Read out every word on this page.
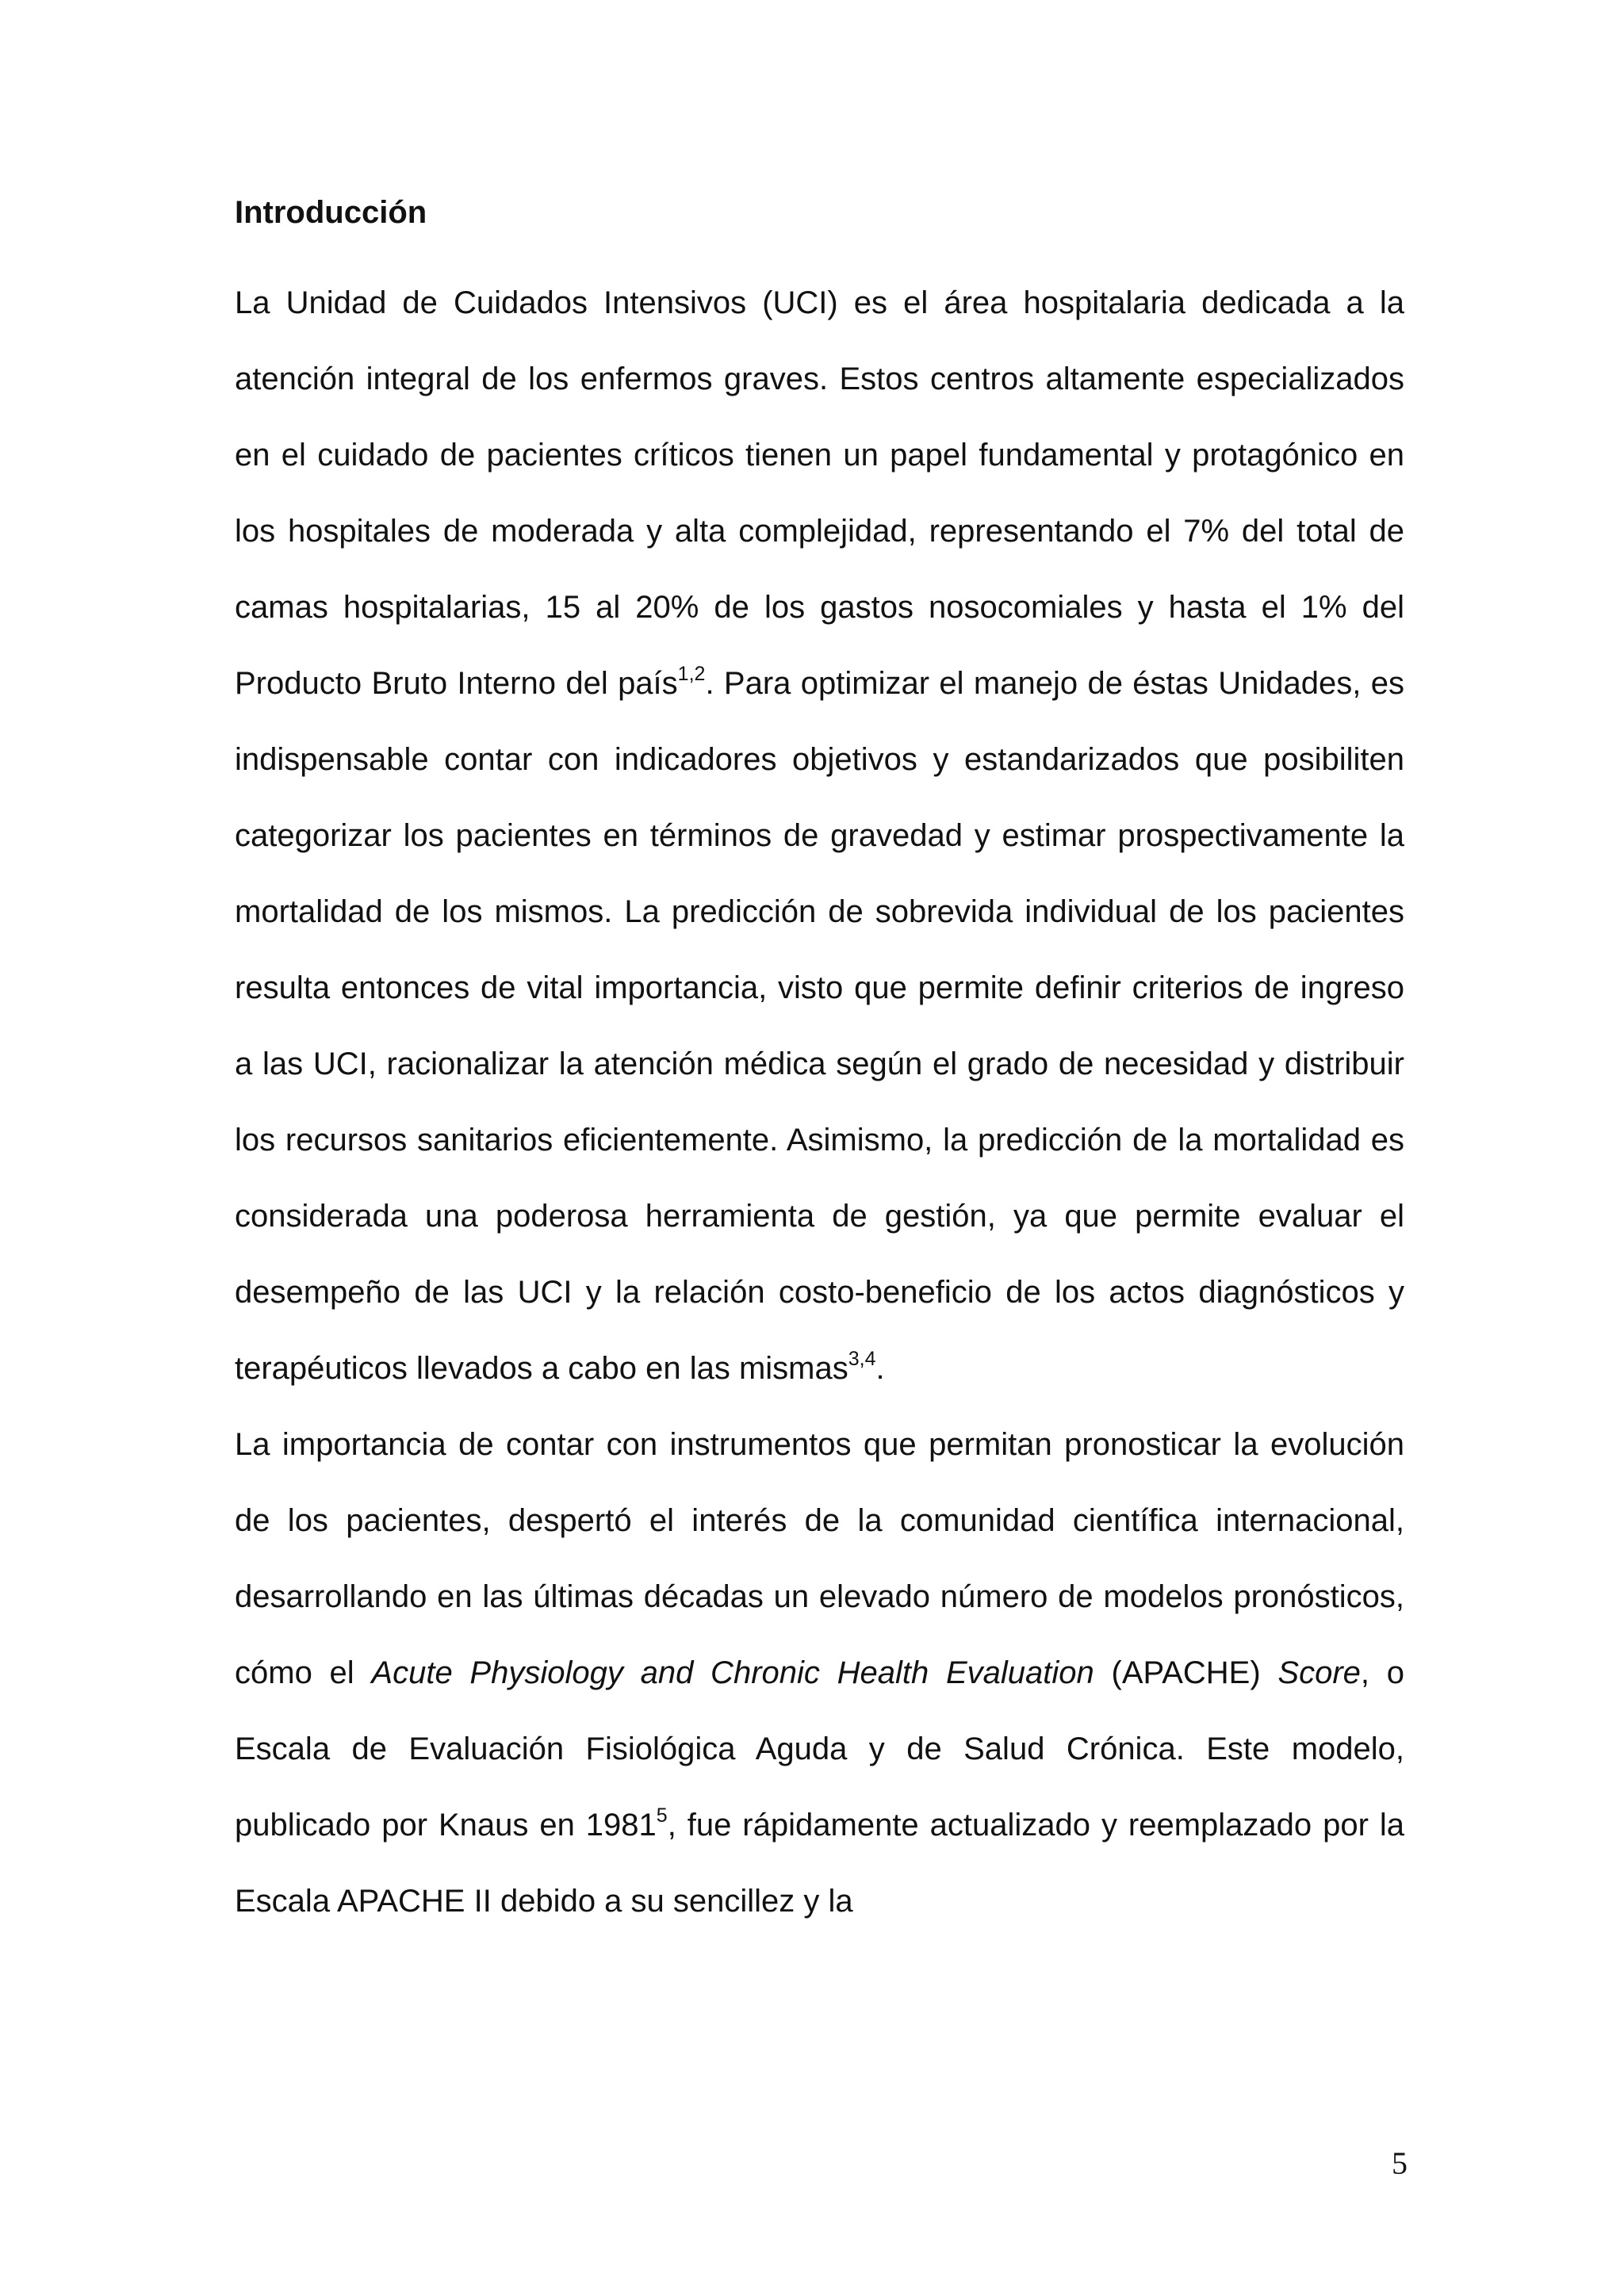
Introducción

La Unidad de Cuidados Intensivos (UCI) es el área hospitalaria dedicada a la atención integral de los enfermos graves. Estos centros altamente especializados en el cuidado de pacientes críticos tienen un papel fundamental y protagónico en los hospitales de moderada y alta complejidad, representando el 7% del total de camas hospitalarias, 15 al 20% de los gastos nosocomiales y hasta el 1% del Producto Bruto Interno del país$^{1,2}$. Para optimizar el manejo de éstas Unidades, es indispensable contar con indicadores objetivos y estandarizados que posibiliten categorizar los pacientes en términos de gravedad y estimar prospectivamente la mortalidad de los mismos. La predicción de sobrevida individual de los pacientes resulta entonces de vital importancia, visto que permite definir criterios de ingreso a las UCI, racionalizar la atención médica según el grado de necesidad y distribuir los recursos sanitarios eficientemente. Asimismo, la predicción de la mortalidad es considerada una poderosa herramienta de gestión, ya que permite evaluar el desempeño de las UCI y la relación costo-beneficio de los actos diagnósticos y terapéuticos llevados a cabo en las mismas$^{3,4}$.

La importancia de contar con instrumentos que permitan pronosticar la evolución de los pacientes, despertó el interés de la comunidad científica internacional, desarrollando en las últimas décadas un elevado número de modelos pronósticos, cómo el Acute Physiology and Chronic Health Evaluation (APACHE) Score, o Escala de Evaluación Fisiológica Aguda y de Salud Crónica. Este modelo, publicado por Knaus en 1981$^5$, fue rápidamente actualizado y reemplazado por la Escala APACHE II debido a su sencillez y la

5
